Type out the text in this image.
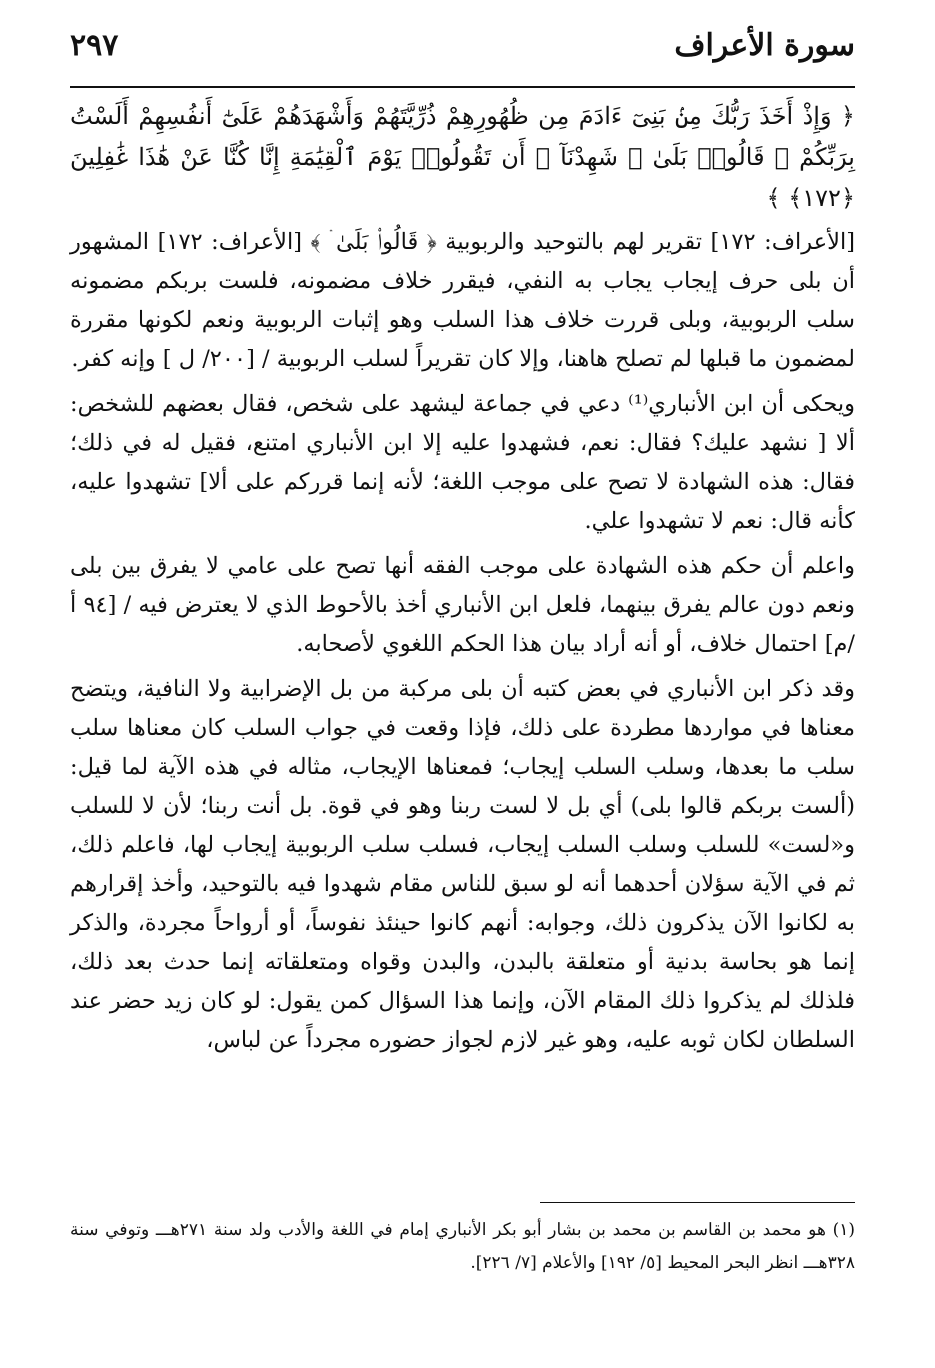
سورة الأعراف
٢٩٧

﴿ وَإِذْ أَخَذَ رَبُّكَ مِنۢ بَنِىٓ ءَادَمَ مِن ظُهُورِهِمْ ذُرِّيَّتَهُمْ وَأَشْهَدَهُمْ عَلَىٰٓ أَنفُسِهِمْ أَلَسْتُ بِرَبِّكُمْ ۖ قَالُوا۟ بَلَىٰ ۛ شَهِدْنَآ ۛ أَن تَقُولُوا۟ يَوْمَ ٱلْقِيَٰمَةِ إِنَّا كُنَّا عَنْ هَٰذَا غَٰفِلِينَ ﴿١٧٢﴾ ﴾

[الأعراف: ١٧٢] تقرير لهم بالتوحيد والربوبية ﴿ قَالُوا۟ بَلَىٰ ۛ ﴾ [الأعراف: ١٧٢] المشهور أن بلى حرف إيجاب يجاب به النفي، فيقرر خلاف مضمونه، فلست بربكم مضمونه سلب الربوبية، وبلى قررت خلاف هذا السلب وهو إثبات الربوبية ونعم لكونها مقررة لمضمون ما قبلها لم تصلح هاهنا، وإلا كان تقريراً لسلب الربوبية / [٢٠٠/ ل ] وإنه كفر.

ويحكى أن ابن الأنباري⁽¹⁾ دعي في جماعة ليشهد على شخص، فقال بعضهم للشخص: ألا [ نشهد عليك؟ فقال: نعم، فشهدوا عليه إلا ابن الأنباري امتنع، فقيل له في ذلك؛ فقال: هذه الشهادة لا تصح على موجب اللغة؛ لأنه إنما قرركم على ألا] تشهدوا عليه، كأنه قال: نعم لا تشهدوا علي.

واعلم أن حكم هذه الشهادة على موجب الفقه أنها تصح على عامي لا يفرق بين بلى ونعم دون عالم يفرق بينهما، فلعل ابن الأنباري أخذ بالأحوط الذي لا يعترض فيه / [٩٤ أ /م] احتمال خلاف، أو أنه أراد بيان هذا الحكم اللغوي لأصحابه.

وقد ذكر ابن الأنباري في بعض كتبه أن بلى مركبة من بل الإضرابية ولا النافية، ويتضح معناها في مواردها مطردة على ذلك، فإذا وقعت في جواب السلب كان معناها سلب سلب ما بعدها، وسلب السلب إيجاب؛ فمعناها الإيجاب، مثاله في هذه الآية لما قيل: (ألست بربكم قالوا بلى) أي بل لا لست ربنا وهو في قوة. بل أنت ربنا؛ لأن لا للسلب و«لست» للسلب وسلب السلب إيجاب، فسلب سلب الربوبية إيجاب لها، فاعلم ذلك، ثم في الآية سؤلان أحدهما أنه لو سبق للناس مقام شهدوا فيه بالتوحيد، وأخذ إقرارهم به لكانوا الآن يذكرون ذلك، وجوابه: أنهم كانوا حينئذ نفوساً، أو أرواحاً مجردة، والذكر إنما هو بحاسة بدنية أو متعلقة بالبدن، والبدن وقواه ومتعلقاته إنما حدث بعد ذلك، فلذلك لم يذكروا ذلك المقام الآن، وإنما هذا السؤال كمن يقول: لو كان زيد حضر عند السلطان لكان ثوبه عليه، وهو غير لازم لجواز حضوره مجرداً عن لباس،

(١) هو محمد بن القاسم بن محمد بن بشار أبو بكر الأنباري إمام في اللغة والأدب ولد سنة ٢٧١هـــ وتوفي سنة ٣٢٨هـــ انظر البحر المحيط [٥/ ١٩٢] والأعلام [٧/ ٢٢٦].
